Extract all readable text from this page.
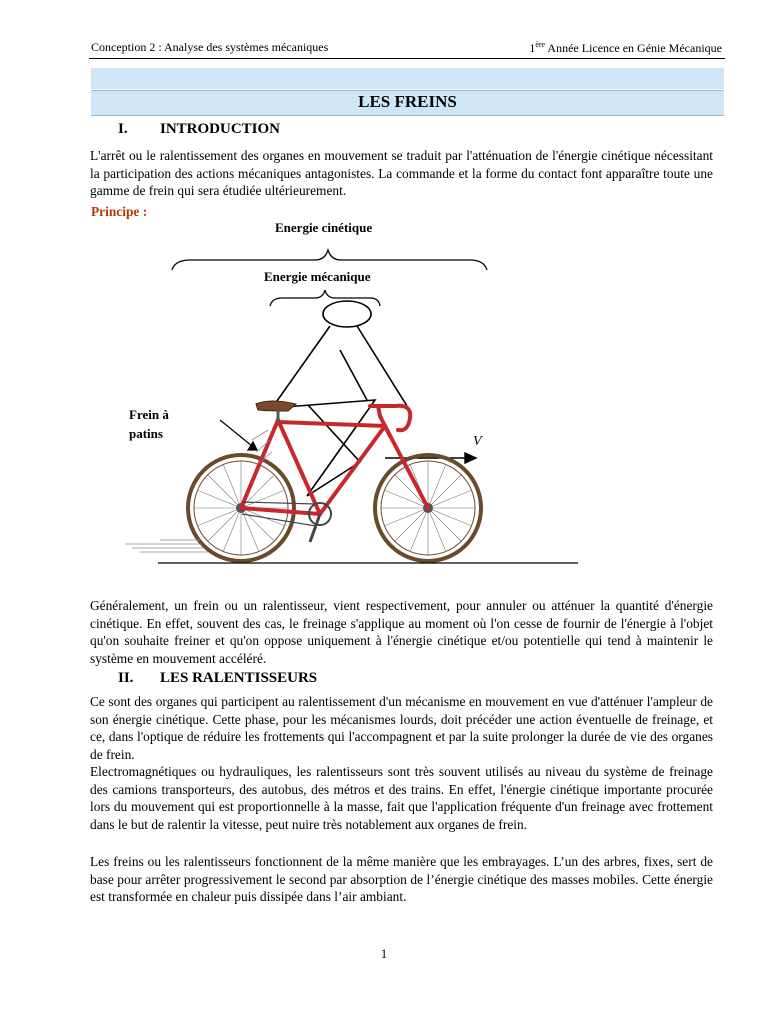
Conception 2 : Analyse des systèmes mécaniques	1ère Année Licence en Génie Mécanique
LES FREINS
I. INTRODUCTION
L'arrêt ou le ralentissement des organes en mouvement se traduit par l'atténuation de l'énergie cinétique nécessitant la participation des actions mécaniques antagonistes. La commande et la forme du contact font apparaître toute une gamme de frein qui sera étudiée ultérieurement.
Principe :
Energie cinétique
Energie mécanique
Frein à
patins
V
Généralement, un frein ou un ralentisseur, vient respectivement, pour annuler ou atténuer la quantité d'énergie cinétique. En effet, souvent des cas, le freinage s'applique au moment où l'on cesse de fournir de l'énergie à l'objet qu'on souhaite freiner et qu'on oppose uniquement à l'énergie cinétique et/ou potentielle qui tend à maintenir le système en mouvement accéléré.
II. LES RALENTISSEURS
Ce sont des organes qui participent au ralentissement d'un mécanisme en mouvement en vue d'atténuer l'ampleur de son énergie cinétique. Cette phase, pour les mécanismes lourds, doit précéder une action éventuelle de freinage, et ce, dans l'optique de réduire les frottements qui l'accompagnent et par la suite prolonger la durée de vie des organes de frein.
Electromagnétiques ou hydrauliques, les ralentisseurs sont très souvent utilisés au niveau du système de freinage des camions transporteurs, des autobus, des métros et des trains. En effet, l'énergie cinétique importante procurée lors du mouvement qui est proportionnelle à la masse, fait que l'application fréquente d'un freinage avec frottement dans le but de ralentir la vitesse, peut nuire très notablement aux organes de frein.
Les freins ou les ralentisseurs fonctionnent de la même manière que les embrayages. L’un des arbres, fixes, sert de base pour arrêter progressivement le second par absorption de l’énergie cinétique des masses mobiles. Cette énergie est transformée en chaleur puis dissipée dans l’air ambiant.
1
